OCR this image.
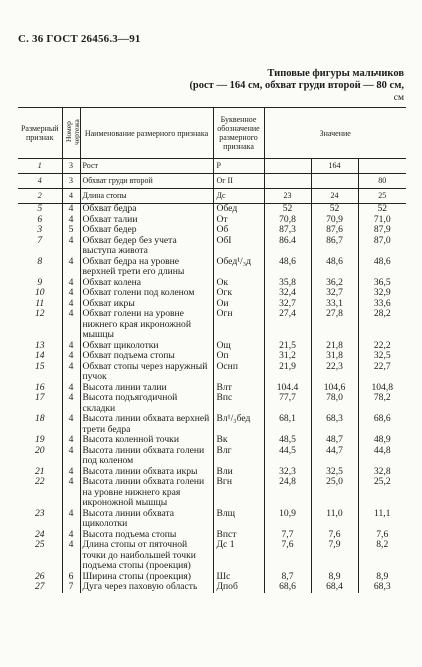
С. 36 ГОСТ 26456.3—91
Типовые фигуры мальчиков
(рост — 164 см, обхват груди второй — 80 см,
см
Размерный признак	Номер чертежа	Наименование размерного признака	Буквенное обозначение размерного признака	Значение		
1	3	Рост	Р		164	
4	3	Обхват груди второй	Ог II			80
2	4	Длина стопы	Дс	23	24	25
5	4	Обхват бедра	Обед	52	52	52
6	4	Обхват талии	От	70,8	70,9	71,0
3	5	Обхват бедер	Об	87,3	87,6	87,9
7	4	Обхват бедер без учета выступа живота	ОбI	86.4	86,7	87,0
8	4	Обхват бедра на уровне верхней трети его длины	Обед¹/₃д	48,6	48,6	48,6
9	4	Обхват колена	Ок	35,8	36,2	36,5
10	4	Обхват голени под коленом	Огк	32,4	32,7	32,9
11	4	Обхват икры	Ои	32,7	33,1	33,6
12	4	Обхват голени на уровне нижнего края икроножной мышцы	Огн	27,4	27,8	28,2
13	4	Обхват щиколотки	Ощ	21,5	21,8	22,2
14	4	Обхват подъема стопы	Оп	31,2	31,8	32,5
15	4	Обхват стопы через наружный пучок	Оснп	21,9	22,3	22,7
16	4	Высота линии талии	Влт	104.4	104,6	104,8
17	4	Высота подъягодичной складки	Впс	77,7	78,0	78,2
18	4	Высота линии обхвата верхней трети бедра	Вл¹/₃бед	68,1	68,3	68,6
19	4	Высота коленной точки	Вк	48,5	48,7	48,9
20	4	Высота линии обхвата голени под коленом	Влг	44,5	44,7	44,8
21	4	Высота линии обхвата икры	Вли	32,3	32,5	32,8
22	4	Высота линии обхвата голени на уровне нижнего края икроножной мышцы	Вгн	24,8	25,0	25,2
23	4	Высота линии обхвата щиколотки	Влщ	10,9	11,0	11,1
24	4	Высота подъема стопы	Впст	7,7	7,6	7,6
25	4	Длина стопы от пяточной точки до наибольшей точки подъема стопы (проекция)	Дс 1	7,6	7,9	8,2
26	6	Ширина стопы (проекция)	Шс	8,7	8,9	8,9
27	7	Дуга через паховую область	Дпоб	68,6	68,4	68,3
